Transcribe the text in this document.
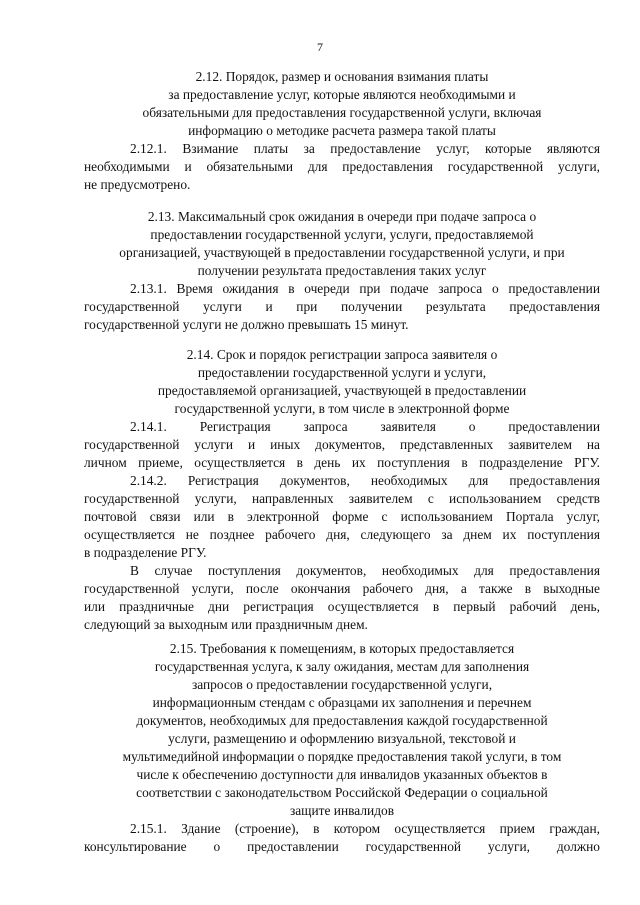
7
2.12. Порядок, размер и основания взимания платы
за предоставление услуг, которые являются необходимыми и
обязательными для предоставления государственной услуги, включая
информацию о методике расчета размера такой платы
2.12.1. Взимание платы за предоставление услуг, которые являются
необходимыми и обязательными для предоставления государственной услуги,
не предусмотрено.
2.13. Максимальный срок ожидания в очереди при подаче запроса о
предоставлении государственной услуги, услуги, предоставляемой
организацией, участвующей в предоставлении государственной услуги, и при
получении результата предоставления таких услуг
2.13.1. Время ожидания в очереди при подаче запроса о предоставлении
государственной услуги и при получении результата предоставления
государственной услуги не должно превышать 15 минут.
2.14. Срок и порядок регистрации запроса заявителя о
предоставлении государственной услуги и услуги,
предоставляемой организацией, участвующей в предоставлении
государственной услуги, в том числе в электронной форме
2.14.1. Регистрация запроса заявителя о предоставлении
государственной услуги и иных документов, представленных заявителем на
личном приеме, осуществляется в день их поступления в подразделение РГУ.
2.14.2. Регистрация документов, необходимых для предоставления
государственной услуги, направленных заявителем с использованием средств
почтовой связи или в электронной форме с использованием Портала услуг,
осуществляется не позднее рабочего дня, следующего за днем их поступления
в подразделение РГУ.
В случае поступления документов, необходимых для предоставления
государственной услуги, после окончания рабочего дня, а также в выходные
или праздничные дни регистрация осуществляется в первый рабочий день,
следующий за выходным или праздничным днем.
2.15. Требования к помещениям, в которых предоставляется
государственная услуга, к залу ожидания, местам для заполнения
запросов о предоставлении государственной услуги,
информационным стендам с образцами их заполнения и перечнем
документов, необходимых для предоставления каждой государственной
услуги, размещению и оформлению визуальной, текстовой и
мультимедийной информации о порядке предоставления такой услуги, в том
числе к обеспечению доступности для инвалидов указанных объектов в
соответствии с законодательством Российской Федерации о социальной
защите инвалидов
2.15.1. Здание (строение), в котором осуществляется прием граждан,
консультирование о предоставлении государственной услуги, должно
